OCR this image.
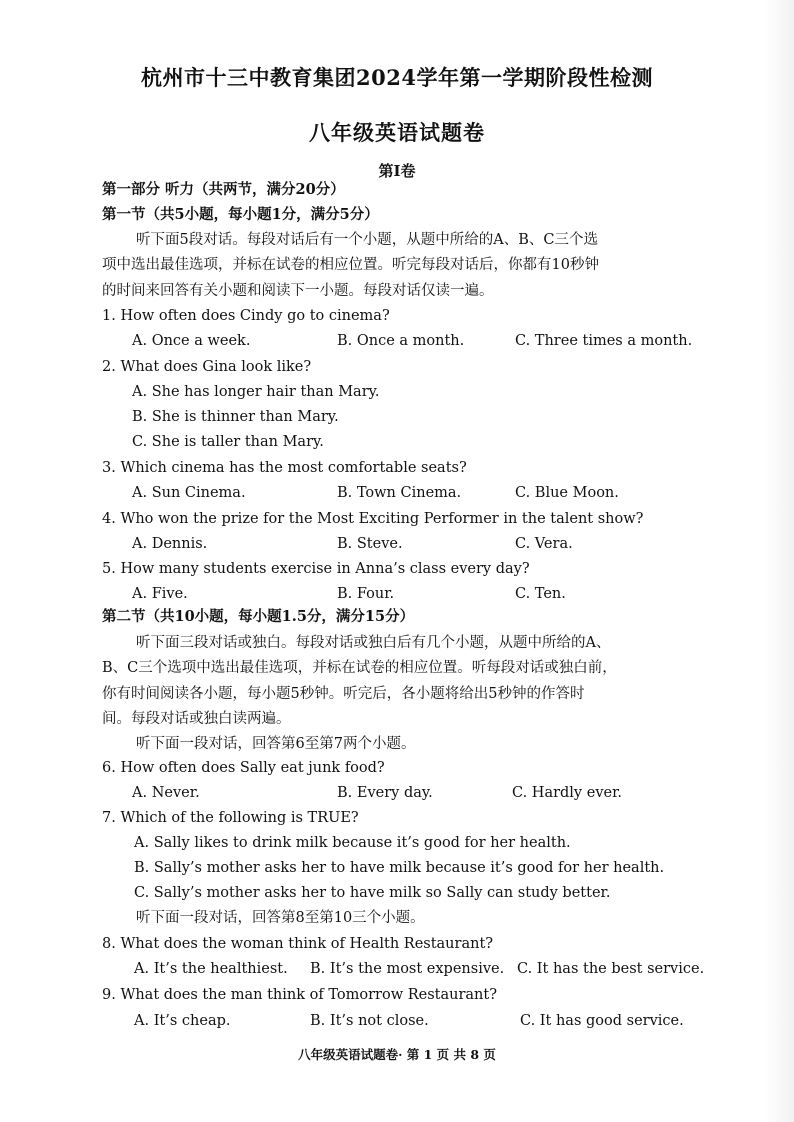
杭州市十三中教育集团2024学年第一学期阶段性检测
八年级英语试题卷
第Ⅰ卷
第一部分 听力（共两节，满分20分）
第一节（共5小题，每小题1分，满分5分）
听下面5段对话。每段对话后有一个小题，从题中所给的A、B、C三个选
项中选出最佳选项，并标在试卷的相应位置。听完每段对话后，你都有10秒钟
的时间来回答有关小题和阅读下一小题。每段对话仅读一遍。
1. How often does Cindy go to cinema?
A. Once a week.	B. Once a month.	C. Three times a month.
2. What does Gina look like?
A. She has longer hair than Mary.
B. She is thinner than Mary.
C. She is taller than Mary.
3. Which cinema has the most comfortable seats?
A. Sun Cinema.	B. Town Cinema.	C. Blue Moon.
4. Who won the prize for the Most Exciting Performer in the talent show?
A. Dennis.	B. Steve.	C. Vera.
5. How many students exercise in Anna’s class every day?
A. Five.	B. Four.	C. Ten.
第二节（共10小题，每小题1.5分，满分15分）
听下面三段对话或独白。每段对话或独白后有几个小题，从题中所给的A、
B、C三个选项中选出最佳选项，并标在试卷的相应位置。听每段对话或独白前，
你有时间阅读各小题，每小题5秒钟。听完后，各小题将给出5秒钟的作答时
间。每段对话或独白读两遍。
听下面一段对话，回答第6至第7两个小题。
6. How often does Sally eat junk food?
A. Never.	B. Every day.	C. Hardly ever.
7. Which of the following is TRUE?
A. Sally likes to drink milk because it’s good for her health.
B. Sally’s mother asks her to have milk because it’s good for her health.
C. Sally’s mother asks her to have milk so Sally can study better.
听下面一段对话，回答第8至第10三个小题。
8. What does the woman think of Health Restaurant?
A. It’s the healthiest. B. It’s the most expensive. C. It has the best service.
9. What does the man think of Tomorrow Restaurant?
A. It’s cheap.	B. It’s not close.	C. It has good service.
八年级英语试题卷· 第 1 页 共 8 页
